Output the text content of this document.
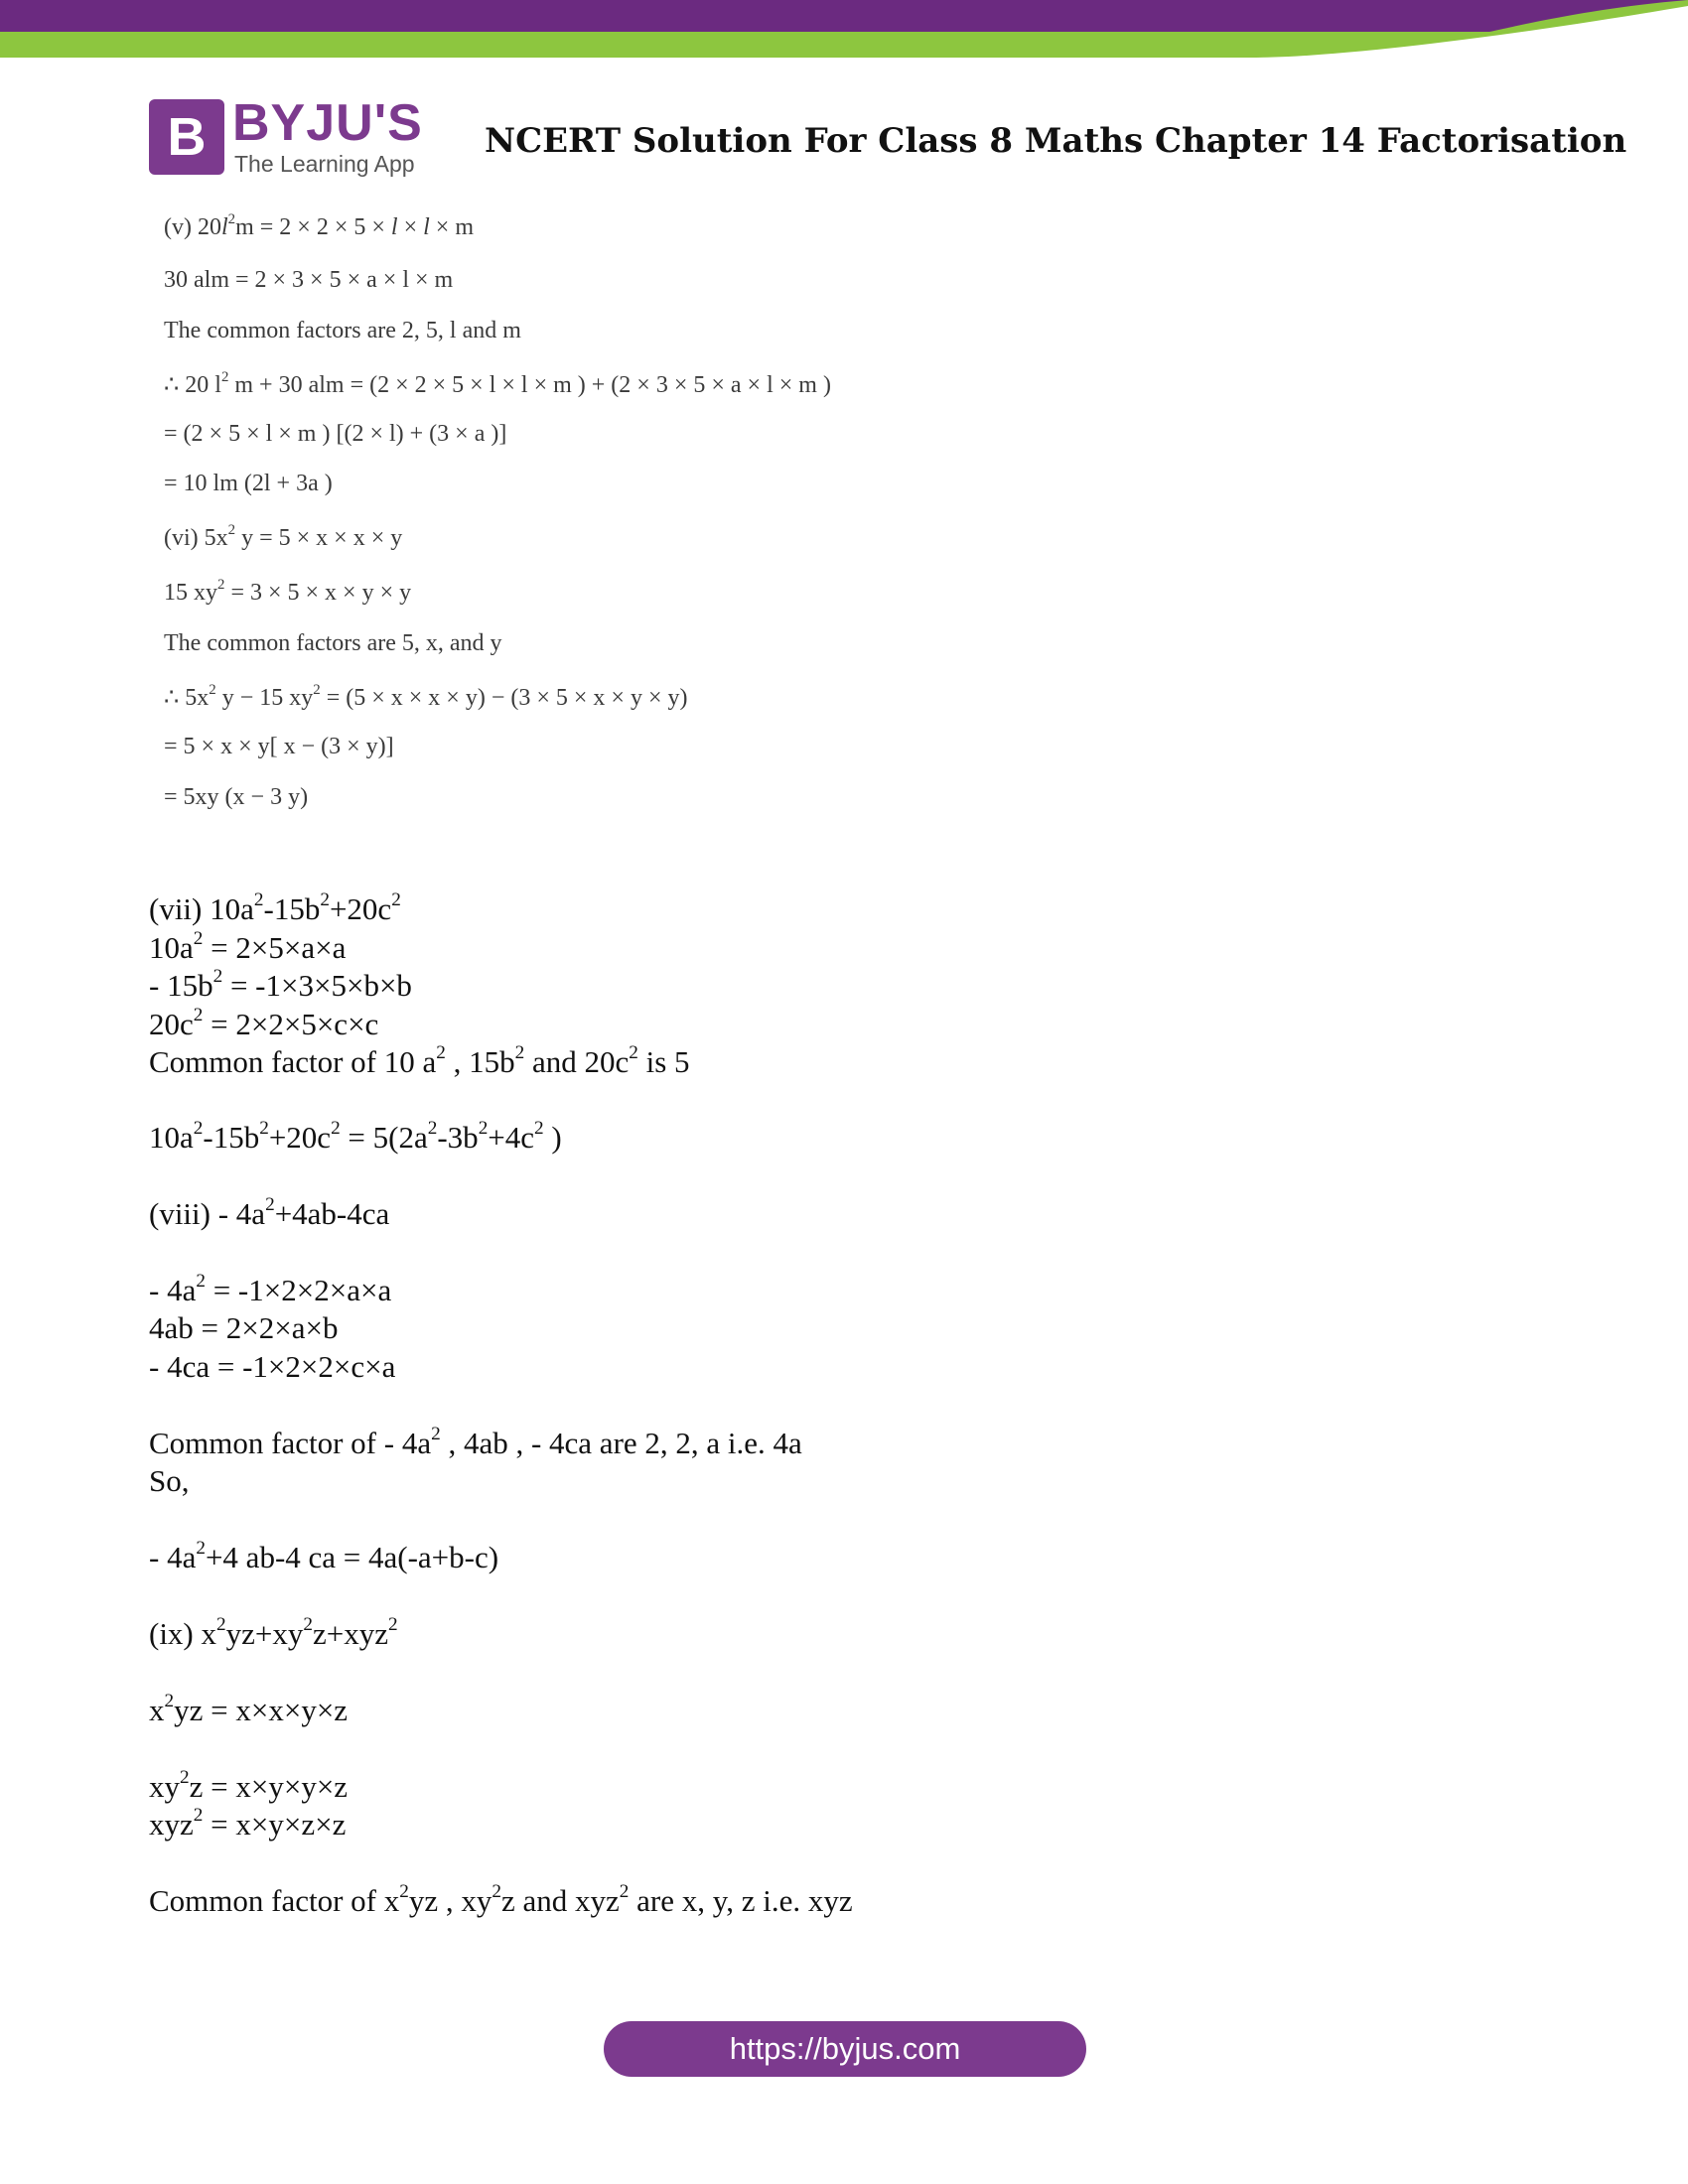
B BYJU'S
The Learning App
NCERT Solution For Class 8 Maths Chapter 14 Factorisation
(v) $20l^2m = 2 \times 2 \times 5 \times l \times l \times m$
30 alm = 2 × 3 × 5 × a × l × m
The common factors are 2, 5, l and m
∴ 20 $l^2$ m + 30 alm = (2 × 2 × 5 × l × l × m ) + (2 × 3 × 5 × a × l × m )
= (2 × 5 × l × m ) [(2 × l) + (3 × a )]
= 10 lm (2l + 3a )
(vi) $5x^2$ y = 5 × x × x × y
15 $xy^2 = 3 \times 5 \times x \times y \times y$
The common factors are 5, x, and y
∴ $5x^2$ y − 15 $xy^2 = (5 \times x \times x \times y) - (3 \times 5 \times x \times y \times y)$
= 5 × x × y[ x − (3 × y)]
= 5xy (x − 3 y)
(vii) $10a^2-15b^2+20c^2$
$10a^2 = 2\times 5\times a\times a$
- $15b^2 = -1\times 3\times 5\times b\times b$
$20c^2 = 2\times 2\times 5\times c\times c$
Common factor of 10 $a^2$ , $15b^2$ and $20c^2$ is 5
$10a^2-15b^2+20c^2 = 5(2a^2-3b^2+4c^2$ )
(viii) - $4a^2+4ab-4ca$
- $4a^2 = -1\times 2\times 2\times a\times a$
4ab = 2×2×a×b
- 4ca = -1×2×2×c×a
Common factor of - $4a^2$ , 4ab , - 4ca are 2, 2, a i.e. 4a
So,
- $4a^2+4$ ab-4 ca = 4a(-a+b-c)
(ix) $x^2yz+xy^2z+xyz^2$
$x^2yz = x\times x\times y\times z$
$xy^2z = x\times y\times y\times z$
xyz$^2$ = x×y×z×z
Common factor of $x^2yz$ , $xy^2z$ and xyz$^2$ are x, y, z i.e. xyz
https://byjus.com
